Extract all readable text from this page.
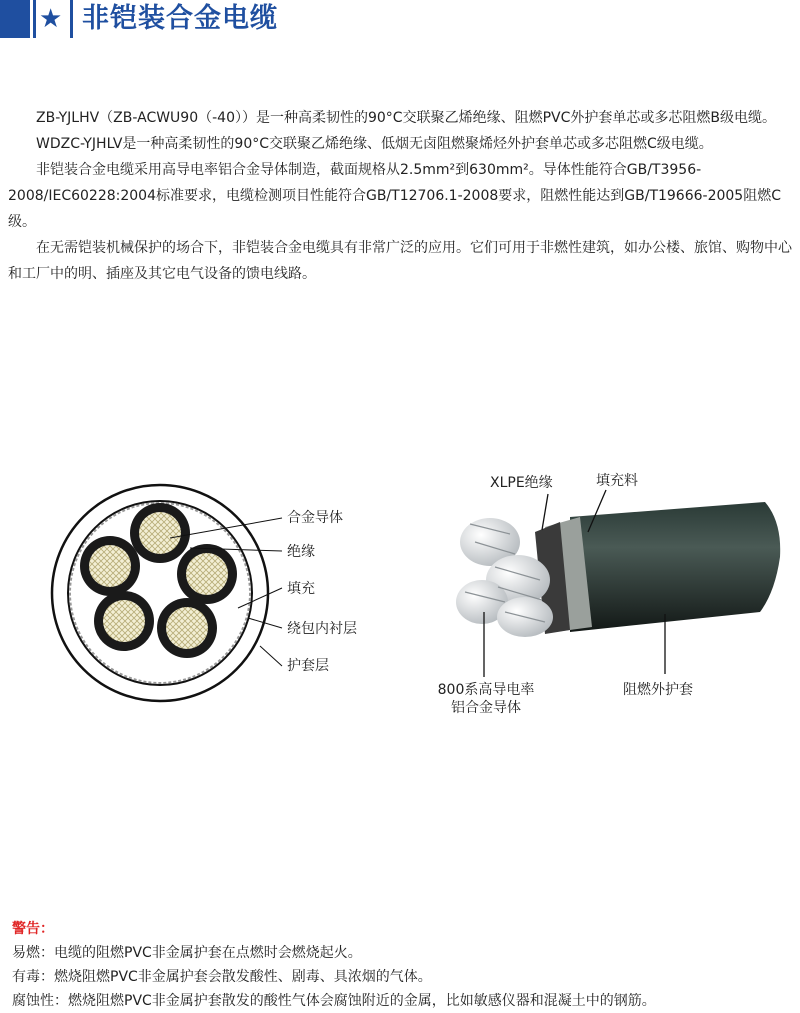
★ 非铠装合金电缆

ZB-YJLHV（ZB-ACWU90（-40））是一种高柔韧性的90°C交联聚乙烯绝缘、阻燃PVC外护套单芯或多芯阻燃B级电缆。

WDZC-YJHLV是一种高柔韧性的90°C交联聚乙烯绝缘、低烟无卤阻燃聚烯烃外护套单芯或多芯阻燃C级电缆。

非铠装合金电缆采用高导电率铝合金导体制造，截面规格从2.5mm²到630mm²。导体性能符合GB/T3956-2008/IEC60228:2004标准要求，电缆检测项目性能符合GB/T12706.1-2008要求，阻燃性能达到GB/T19666-2005阻燃C级。

在无需铠装机械保护的场合下，非铠装合金电缆具有非常广泛的应用。它们可用于非燃性建筑，如办公楼、旅馆、购物中心和工厂中的明、插座及其它电气设备的馈电线路。

合金导体
绝缘
填充
绕包内衬层
护套层
XLPE绝缘	填充料
800系高导电率
铝合金导体
阻燃外护套

警告：

易燃：电缆的阻燃PVC非金属护套在点燃时会燃烧起火。

有毒：燃烧阻燃PVC非金属护套会散发酸性、剧毒、具浓烟的气体。

腐蚀性：燃烧阻燃PVC非金属护套散发的酸性气体会腐蚀附近的金属，比如敏感仪器和混凝土中的钢筋。
